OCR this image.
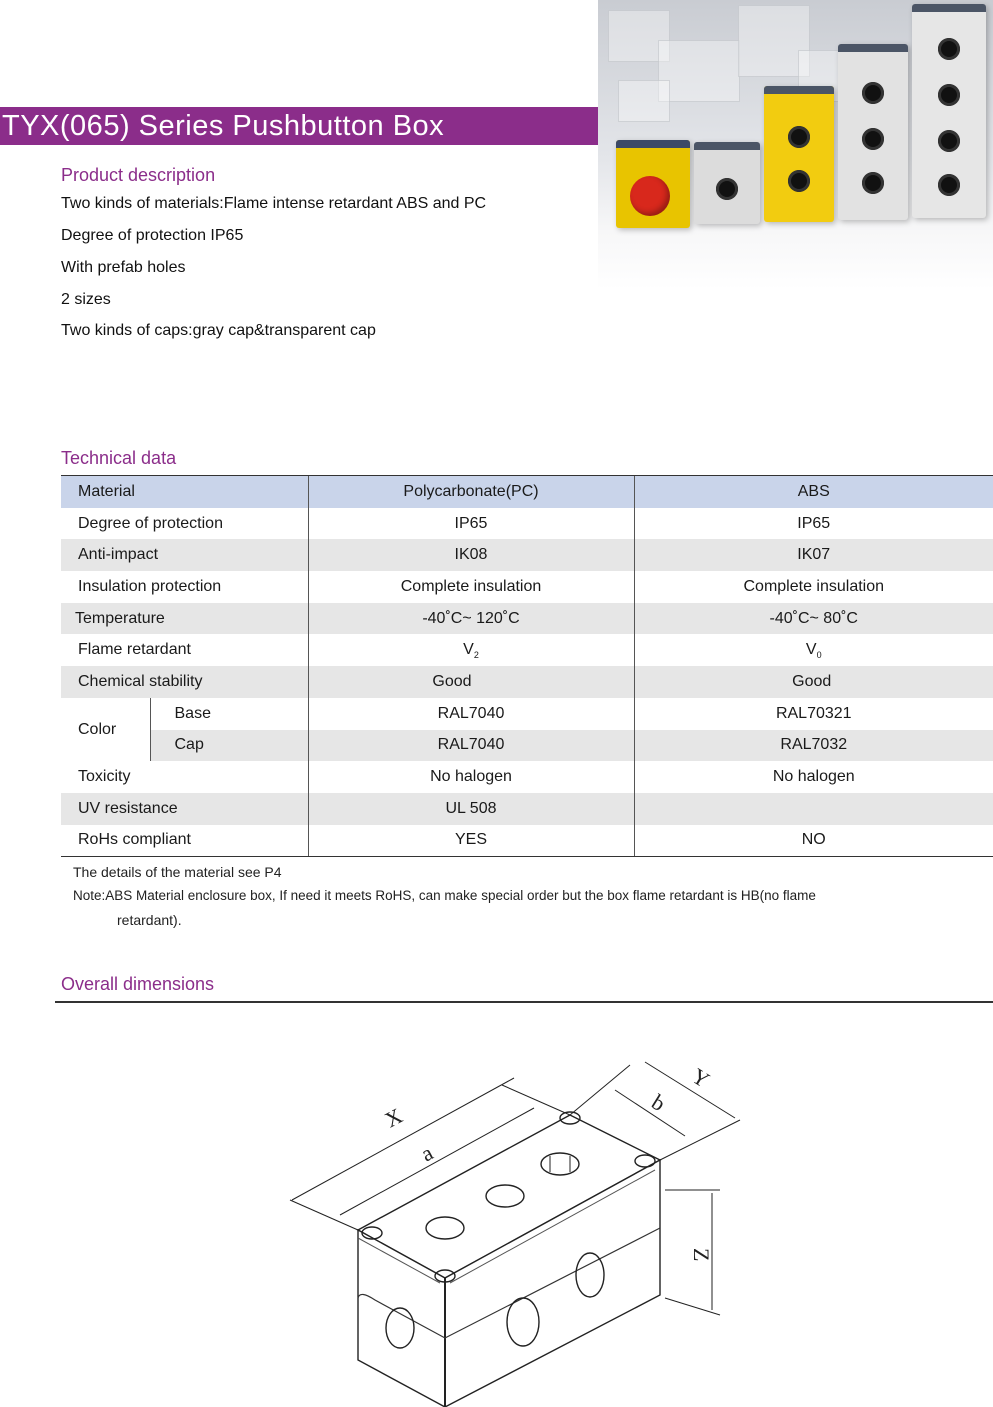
TYX(065) Series Pushbutton Box
Product description
Two kinds of materials:Flame intense retardant ABS and PC
Degree of protection IP65
With prefab holes
2 sizes
Two kinds of caps:gray cap&transparent cap
Technical data
Material		Polycarbonate(PC)	ABS
Degree of protection		IP65	IP65
Anti-impact		IK08	IK07
Insulation protection		Complete insulation	Complete insulation
Temperature		-40˚C~ 120˚C	-40˚C~ 80˚C
Flame retardant		$V_2$	$V_0$
Chemical stability		Good	Good
Color	Base	RAL7040	RAL70321
	Cap	RAL7040	RAL7032
Toxicity		No halogen	No halogen
UV resistance		UL 508	
RoHs compliant		YES	NO
The details of the material see P4
Note:ABS Material enclosure box, If need it meets RoHS, can make special order but the box flame retardant is HB(no flame
retardant).
Overall dimensions
X
a
Y
b
Z
